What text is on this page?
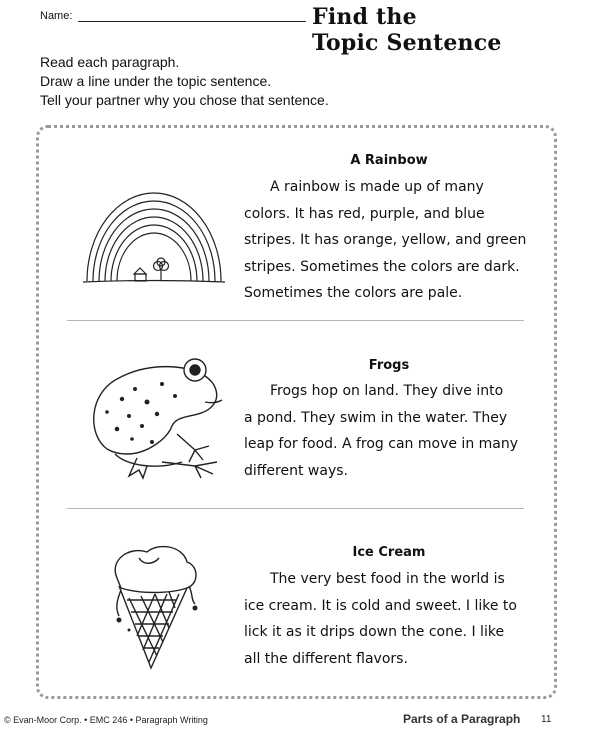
Name:	Find the
Topic Sentence
Read each paragraph.
Draw a line under the topic sentence.
Tell your partner why you chose that sentence.
A Rainbow
A rainbow is made up of many
colors. It has red, purple, and blue
stripes. It has orange, yellow, and green
stripes. Sometimes the colors are dark.
Sometimes the colors are pale.
Frogs
Frogs hop on land. They dive into
a pond. They swim in the water. They
leap for food. A frog can move in many
different ways.
Ice Cream
The very best food in the world is
ice cream. It is cold and sweet. I like to
lick it as it drips down the cone. I like
all the different flavors.
© Evan-Moor Corp. • EMC 246 • Paragraph Writing	Parts of a Paragraph 11
